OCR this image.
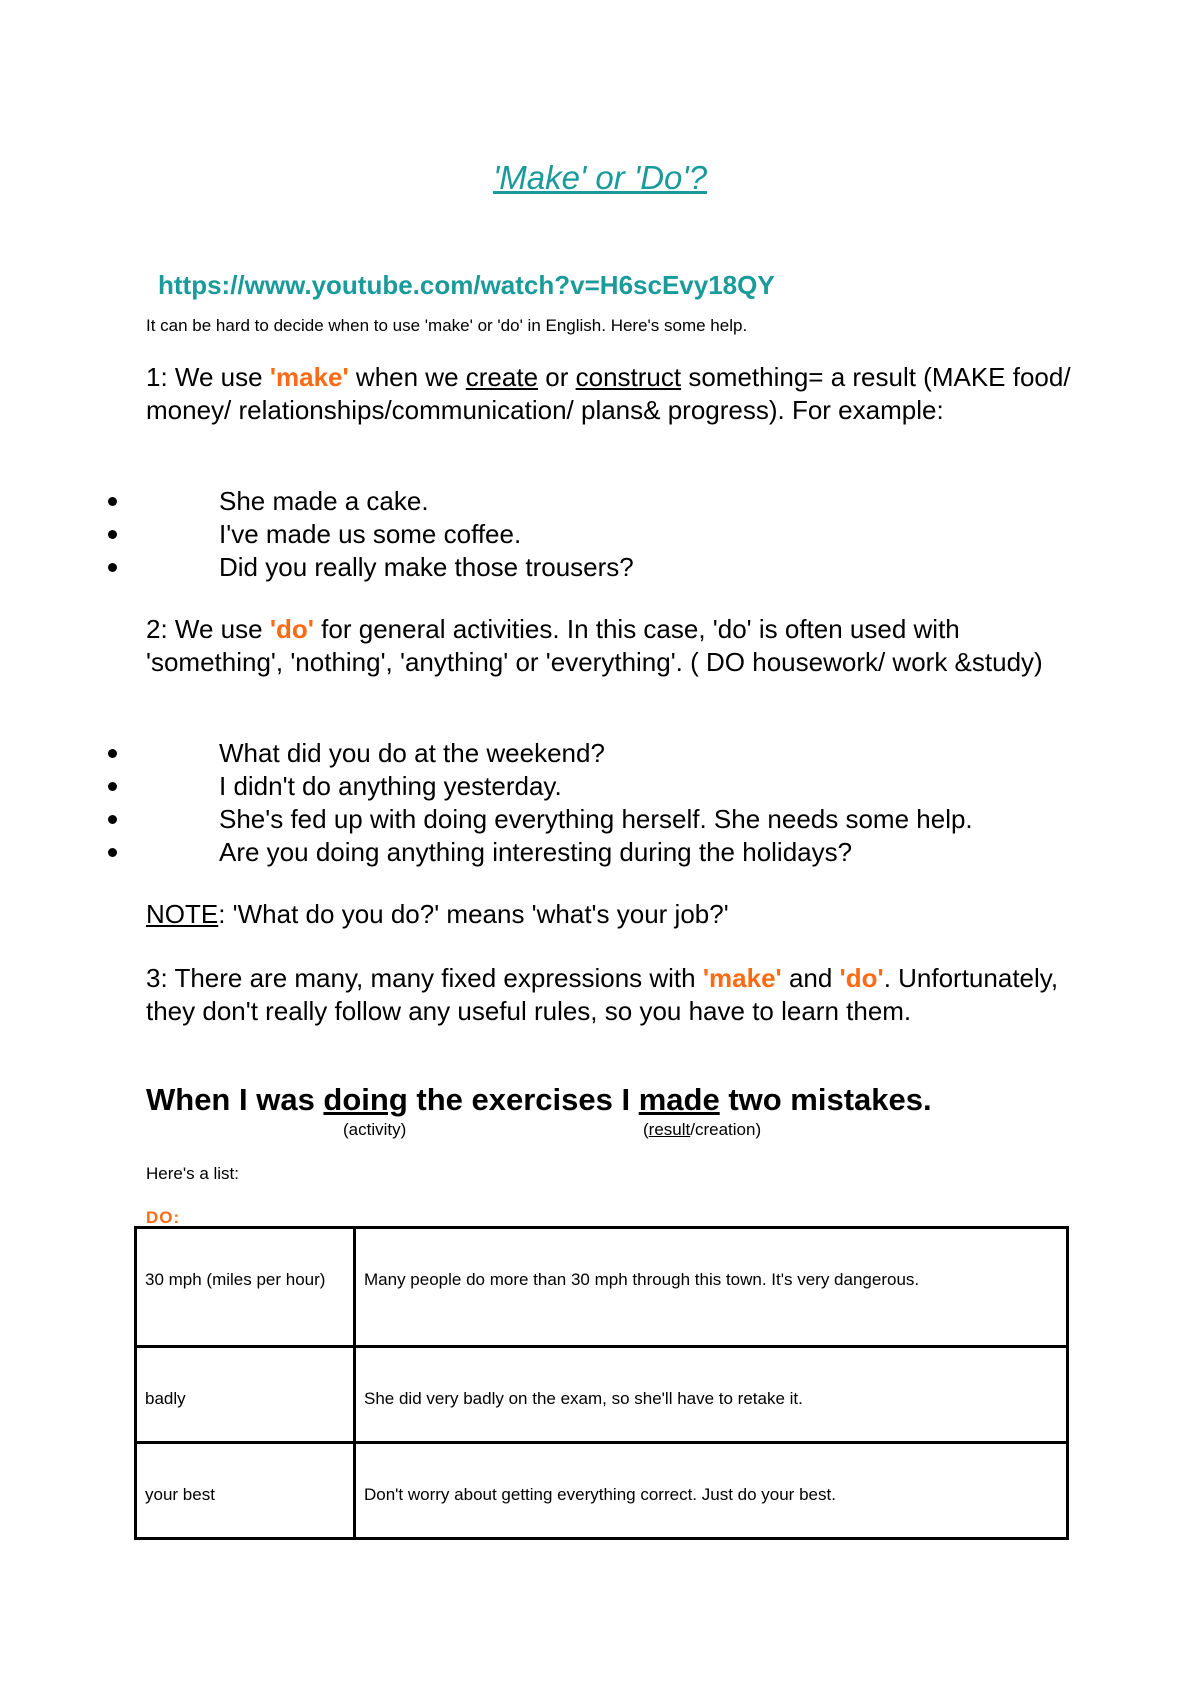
'Make' or 'Do'?
https://www.youtube.com/watch?v=H6scEvy18QY
It can be hard to decide when to use 'make' or 'do' in English. Here's some help.
1: We use 'make' when we create or construct something= a result (MAKE food/ money/ relationships/communication/ plans& progress). For example:
She made a cake.
I've made us some coffee.
Did you really make those trousers?
2: We use 'do' for general activities. In this case, 'do' is often used with 'something', 'nothing', 'anything' or 'everything'. ( DO housework/ work &study)
What did you do at the weekend?
I didn't do anything yesterday.
She's fed up with doing everything herself. She needs some help.
Are you doing anything interesting during the holidays?
NOTE: 'What do you do?' means 'what's your job?'
3: There are many, many fixed expressions with 'make' and 'do'. Unfortunately, they don't really follow any useful rules, so you have to learn them.
When I was doing the exercises I made two mistakes.
(activity)	(result/creation)
Here's a list:
DO:
30 mph (miles per hour)	Many people do more than 30 mph through this town. It's very dangerous.
badly	She did very badly on the exam, so she'll have to retake it.
your best	Don't worry about getting everything correct. Just do your best.
